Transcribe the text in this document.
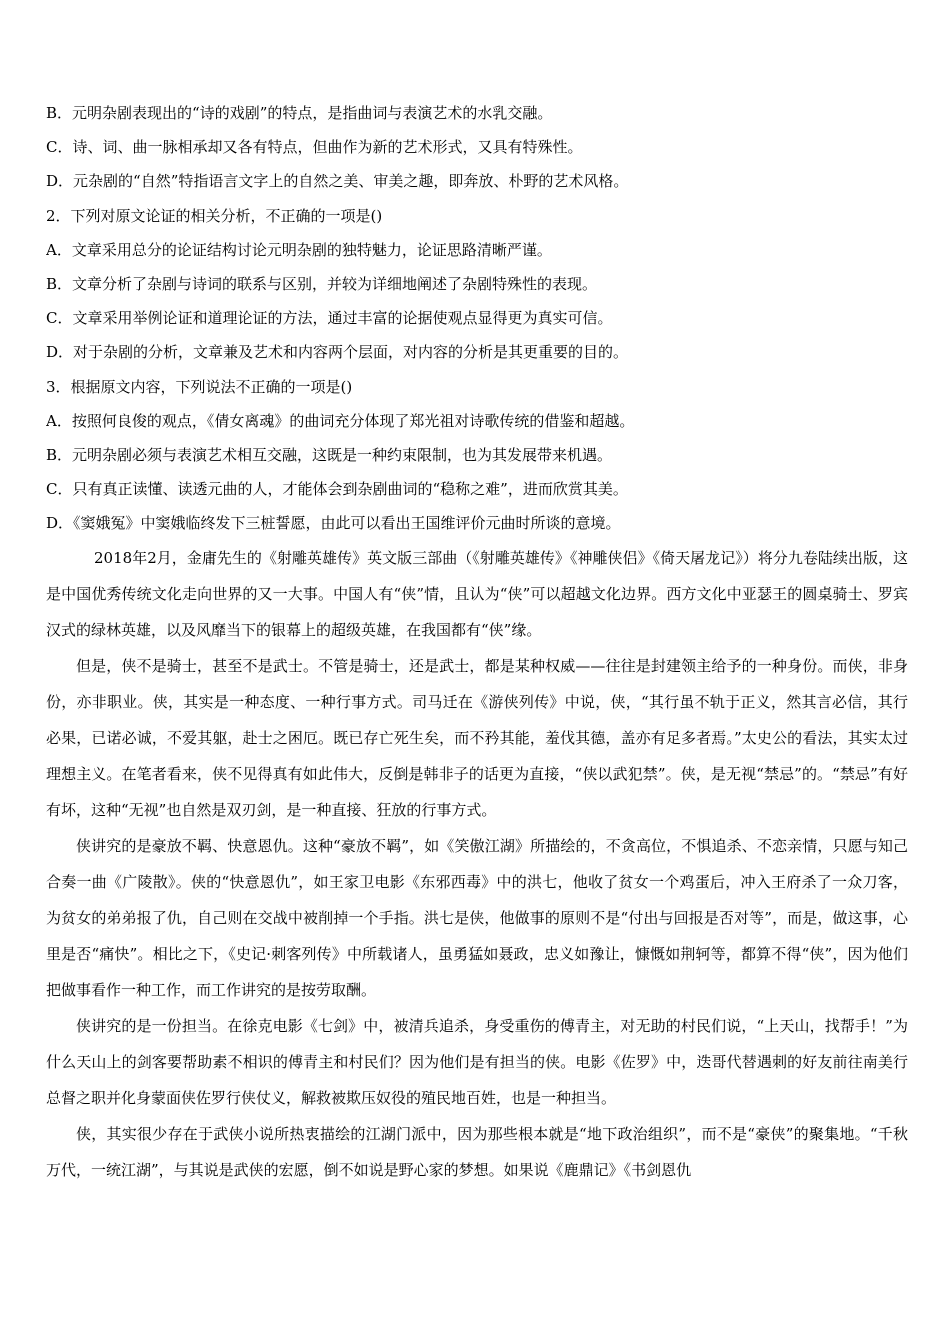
B．元明杂剧表现出的“诗的戏剧”的特点，是指曲词与表演艺术的水乳交融。
C．诗、词、曲一脉相承却又各有特点，但曲作为新的艺术形式，又具有特殊性。
D．元杂剧的“自然”特指语言文字上的自然之美、审美之趣，即奔放、朴野的艺术风格。
2．下列对原文论证的相关分析，不正确的一项是()
A．文章采用总分的论证结构讨论元明杂剧的独特魅力，论证思路清晰严谨。
B．文章分析了杂剧与诗词的联系与区别，并较为详细地阐述了杂剧特殊性的表现。
C．文章采用举例论证和道理论证的方法，通过丰富的论据使观点显得更为真实可信。
D．对于杂剧的分析，文章兼及艺术和内容两个层面，对内容的分析是其更重要的目的。
3．根据原文内容，下列说法不正确的一项是()
A．按照何良俊的观点，《倩女离魂》的曲词充分体现了郑光祖对诗歌传统的借鉴和超越。
B．元明杂剧必须与表演艺术相互交融，这既是一种约束限制，也为其发展带来机遇。
C．只有真正读懂、读透元曲的人，才能体会到杂剧曲词的“稳称之难”，进而欣赏其美。
D．《窦娥冤》中窦娥临终发下三桩誓愿，由此可以看出王国维评价元曲时所谈的意境。

2018年2月，金庸先生的《射雕英雄传》英文版三部曲（《射雕英雄传》《神雕侠侣》《倚天屠龙记》）将分九卷陆续出版，这是中国优秀传统文化走向世界的又一大事。中国人有“侠”情，且认为“侠”可以超越文化边界。西方文化中亚瑟王的圆桌骑士、罗宾汉式的绿林英雄，以及风靡当下的银幕上的超级英雄，在我国都有“侠”缘。

但是，侠不是骑士，甚至不是武士。不管是骑士，还是武士，都是某种权威——往往是封建领主给予的一种身份。而侠，非身份，亦非职业。侠，其实是一种态度、一种行事方式。司马迁在《游侠列传》中说，侠，“其行虽不轨于正义，然其言必信，其行必果，已诺必诚，不爱其躯，赴士之困厄。既已存亡死生矣，而不矜其能，羞伐其德，盖亦有足多者焉。”太史公的看法，其实太过理想主义。在笔者看来，侠不见得真有如此伟大，反倒是韩非子的话更为直接，“侠以武犯禁”。侠，是无视“禁忌”的。“禁忌”有好有坏，这种“无视”也自然是双刃剑，是一种直接、狂放的行事方式。

侠讲究的是豪放不羁、快意恩仇。这种“豪放不羁”，如《笑傲江湖》所描绘的，不贪高位，不惧追杀、不恋亲情，只愿与知己合奏一曲《广陵散》。侠的“快意恩仇”，如王家卫电影《东邪西毒》中的洪七，他收了贫女一个鸡蛋后，冲入王府杀了一众刀客，为贫女的弟弟报了仇，自己则在交战中被削掉一个手指。洪七是侠，他做事的原则不是“付出与回报是否对等”，而是，做这事，心里是否“痛快”。相比之下，《史记·刺客列传》中所载诸人，虽勇猛如聂政，忠义如豫让，慷慨如荆轲等，都算不得“侠”，因为他们把做事看作一种工作，而工作讲究的是按劳取酬。

侠讲究的是一份担当。在徐克电影《七剑》中，被清兵追杀，身受重伤的傅青主，对无助的村民们说，“上天山，找帮手！”为什么天山上的剑客要帮助素不相识的傅青主和村民们？因为他们是有担当的侠。电影《佐罗》中，迭哥代替遇刺的好友前往南美行总督之职并化身蒙面侠佐罗行侠仗义，解救被欺压奴役的殖民地百姓，也是一种担当。

侠，其实很少存在于武侠小说所热衷描绘的江湖门派中，因为那些根本就是“地下政治组织”，而不是“豪侠”的聚集地。“千秋万代，一统江湖”，与其说是武侠的宏愿，倒不如说是野心家的梦想。如果说《鹿鼎记》《书剑恩仇
